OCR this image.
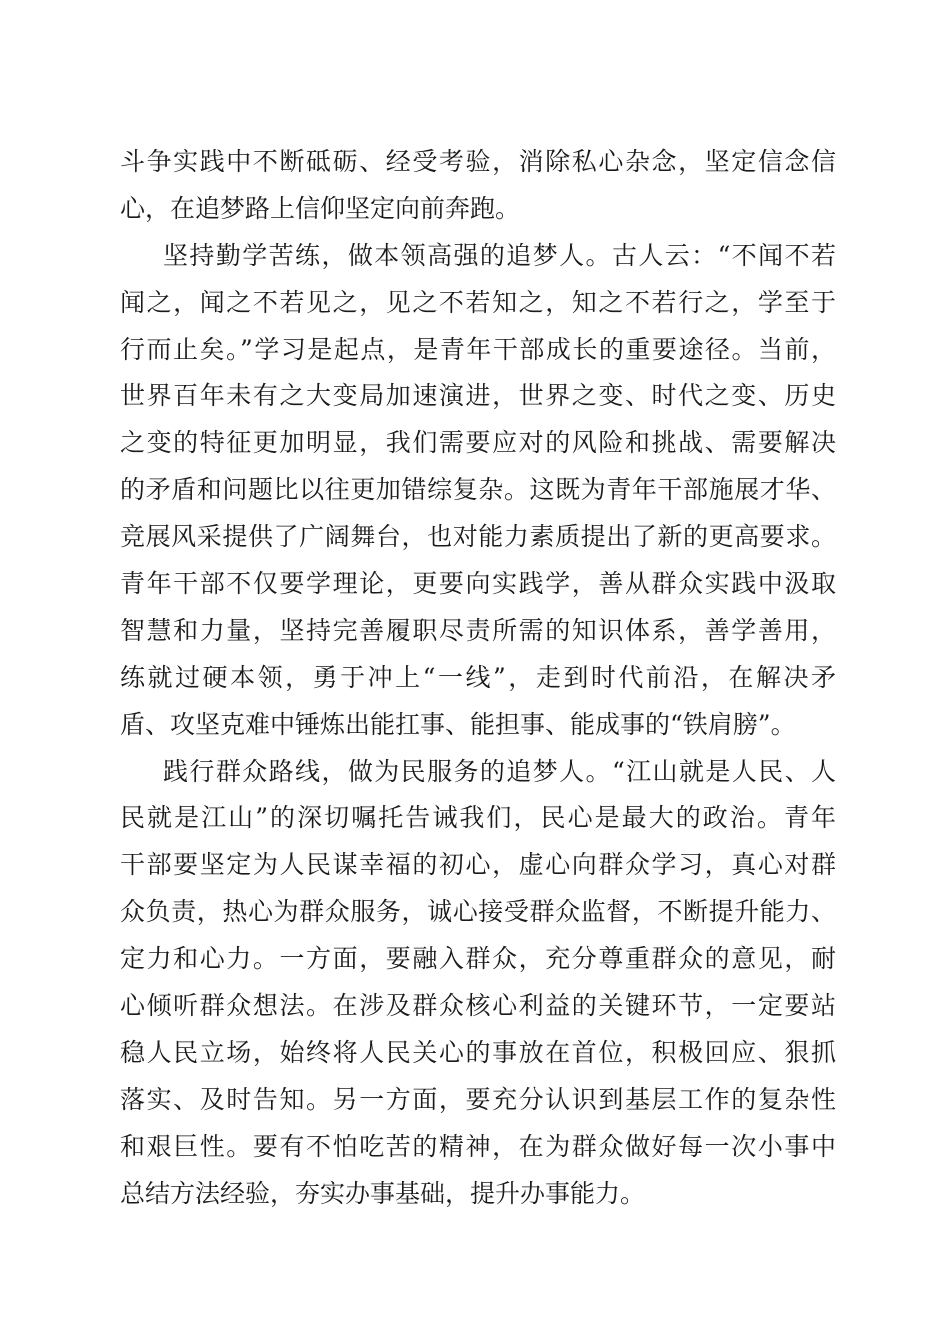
斗争实践中不断砥砺、经受考验，消除私心杂念，坚定信念信
心，在追梦路上信仰坚定向前奔跑。
坚持勤学苦练，做本领高强的追梦人。古人云：“不闻不若
闻之，闻之不若见之，见之不若知之，知之不若行之，学至于
行而止矣。”学习是起点，是青年干部成长的重要途径。当前，
世界百年未有之大变局加速演进，世界之变、时代之变、历史
之变的特征更加明显，我们需要应对的风险和挑战、需要解决
的矛盾和问题比以往更加错综复杂。这既为青年干部施展才华、
竞展风采提供了广阔舞台，也对能力素质提出了新的更高要求。
青年干部不仅要学理论，更要向实践学，善从群众实践中汲取
智慧和力量，坚持完善履职尽责所需的知识体系，善学善用，
练就过硬本领，勇于冲上“一线”，走到时代前沿，在解决矛
盾、攻坚克难中锤炼出能扛事、能担事、能成事的“铁肩膀”。
践行群众路线，做为民服务的追梦人。“江山就是人民、人
民就是江山”的深切嘱托告诫我们，民心是最大的政治。青年
干部要坚定为人民谋幸福的初心，虚心向群众学习，真心对群
众负责，热心为群众服务，诚心接受群众监督，不断提升能力、
定力和心力。一方面，要融入群众，充分尊重群众的意见，耐
心倾听群众想法。在涉及群众核心利益的关键环节，一定要站
稳人民立场，始终将人民关心的事放在首位，积极回应、狠抓
落实、及时告知。另一方面，要充分认识到基层工作的复杂性
和艰巨性。要有不怕吃苦的精神，在为群众做好每一次小事中
总结方法经验，夯实办事基础，提升办事能力。
